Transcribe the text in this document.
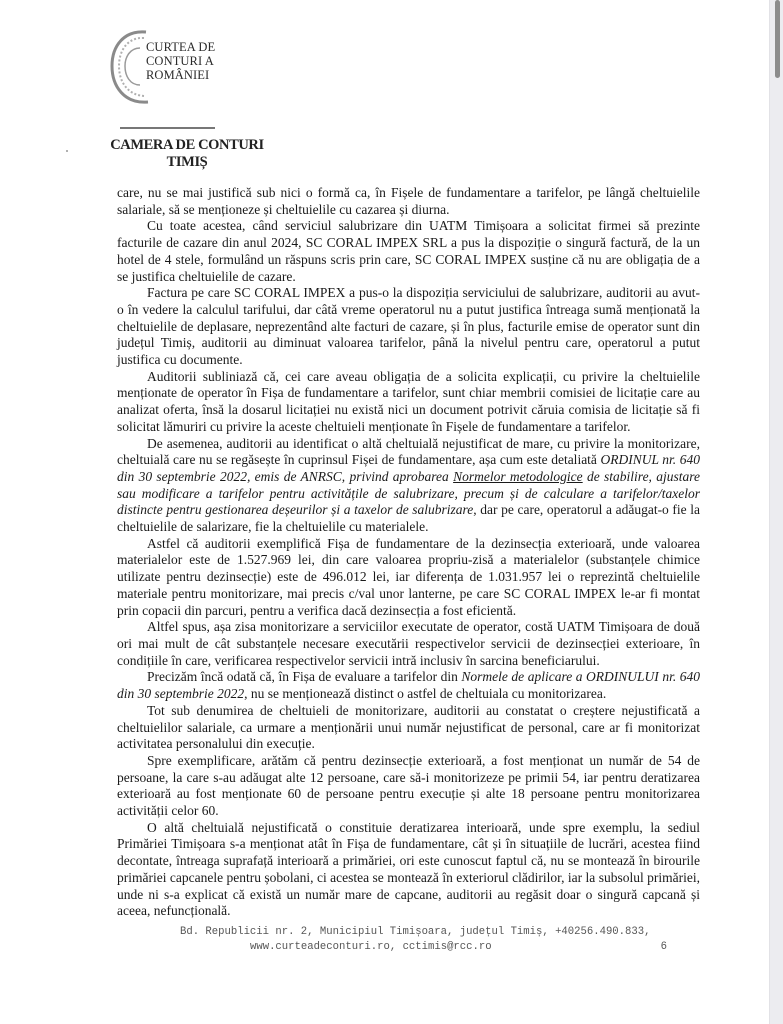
CURTEA DE
CONTURI A
ROMÂNIEI
CAMERA DE CONTURI
TIMIȘ

care, nu se mai justifică sub nici o formă ca, în Fișele de fundamentare a tarifelor, pe lângă cheltuielile salariale, să se menționeze și cheltuielile cu cazarea și diurna.

Cu toate acestea, când serviciul salubrizare din UATM Timișoara a solicitat firmei să prezinte facturile de cazare din anul 2024, SC CORAL IMPEX SRL a pus la dispoziție o singură factură, de la un hotel de 4 stele, formulând un răspuns scris prin care, SC CORAL IMPEX susține că nu are obligația de a se justifica cheltuielile de cazare.

Factura pe care SC CORAL IMPEX a pus-o la dispoziția serviciului de salubrizare, auditorii au avut-o în vedere la calculul tarifului, dar câtă vreme operatorul nu a putut justifica întreaga sumă menționată la cheltuielile de deplasare, neprezentând alte facturi de cazare, și în plus, facturile emise de operator sunt din județul Timiș, auditorii au diminuat valoarea tarifelor, până la nivelul pentru care, operatorul a putut justifica cu documente.

Auditorii subliniază că, cei care aveau obligația de a solicita explicații, cu privire la cheltuielile menționate de operator în Fișa de fundamentare a tarifelor, sunt chiar membrii comisiei de licitație care au analizat oferta, însă la dosarul licitației nu există nici un document potrivit căruia comisia de licitație să fi solicitat lămuriri cu privire la aceste cheltuieli menționate în Fișele de fundamentare a tarifelor.

De asemenea, auditorii au identificat o altă cheltuială nejustificat de mare, cu privire la monitorizare, cheltuială care nu se regăsește în cuprinsul Fișei de fundamentare, așa cum este detaliată ORDINUL nr. 640 din 30 septembrie 2022, emis de ANRSC, privind aprobarea Normelor metodologice de stabilire, ajustare sau modificare a tarifelor pentru activitățile de salubrizare, precum și de calculare a tarifelor/taxelor distincte pentru gestionarea deșeurilor și a taxelor de salubrizare, dar pe care, operatorul a adăugat-o fie la cheltuielile de salarizare, fie la cheltuielile cu materialele.

Astfel că auditorii exemplifică Fișa de fundamentare de la dezinsecția exterioară, unde valoarea materialelor este de 1.527.969 lei, din care valoarea propriu-zisă a materialelor (substanțele chimice utilizate pentru dezinsecție) este de 496.012 lei, iar diferența de 1.031.957 lei o reprezintă cheltuielile materiale pentru monitorizare, mai precis c/val unor lanterne, pe care SC CORAL IMPEX le-ar fi montat prin copacii din parcuri, pentru a verifica dacă dezinsecția a fost eficientă.

Altfel spus, așa zisa monitorizare a serviciilor executate de operator, costă UATM Timișoara de două ori mai mult de cât substanțele necesare executării respectivelor servicii de dezinsecției exterioare, în condițiile în care, verificarea respectivelor servicii intră inclusiv în sarcina beneficiarului.

Precizăm încă odată că, în Fișa de evaluare a tarifelor din Normele de aplicare a ORDINULUI nr. 640 din 30 septembrie 2022, nu se menționează distinct o astfel de cheltuiala cu monitorizarea.

Tot sub denumirea de cheltuieli de monitorizare, auditorii au constatat o creștere nejustificată a cheltuielilor salariale, ca urmare a menționării unui număr nejustificat de personal, care ar fi monitorizat activitatea personalului din execuție.

Spre exemplificare, arătăm că pentru dezinsecție exterioară, a fost menționat un număr de 54 de persoane, la care s-au adăugat alte 12 persoane, care să-i monitorizeze pe primii 54, iar pentru deratizarea exterioară au fost menționate 60 de persoane pentru execuție și alte 18 persoane pentru monitorizarea activității celor 60.

O altă cheltuială nejustificată o constituie deratizarea interioară, unde spre exemplu, la sediul Primăriei Timișoara s-a menționat atât în Fișa de fundamentare, cât și în situațiile de lucrări, acestea fiind decontate, întreaga suprafață interioară a primăriei, ori este cunoscut faptul că, nu se montează în birourile primăriei capcanele pentru șobolani, ci acestea se montează în exteriorul clădirilor, iar la subsolul primăriei, unde ni s-a explicat că există un număr mare de capcane, auditorii au regăsit doar o singură capcană și aceea, nefuncțională.

Bd. Republicii nr. 2, Municipiul Timișoara, județul Timiș, +40256.490.833,
www.curteadeconturi.ro, cctimis@rcc.ro	6
